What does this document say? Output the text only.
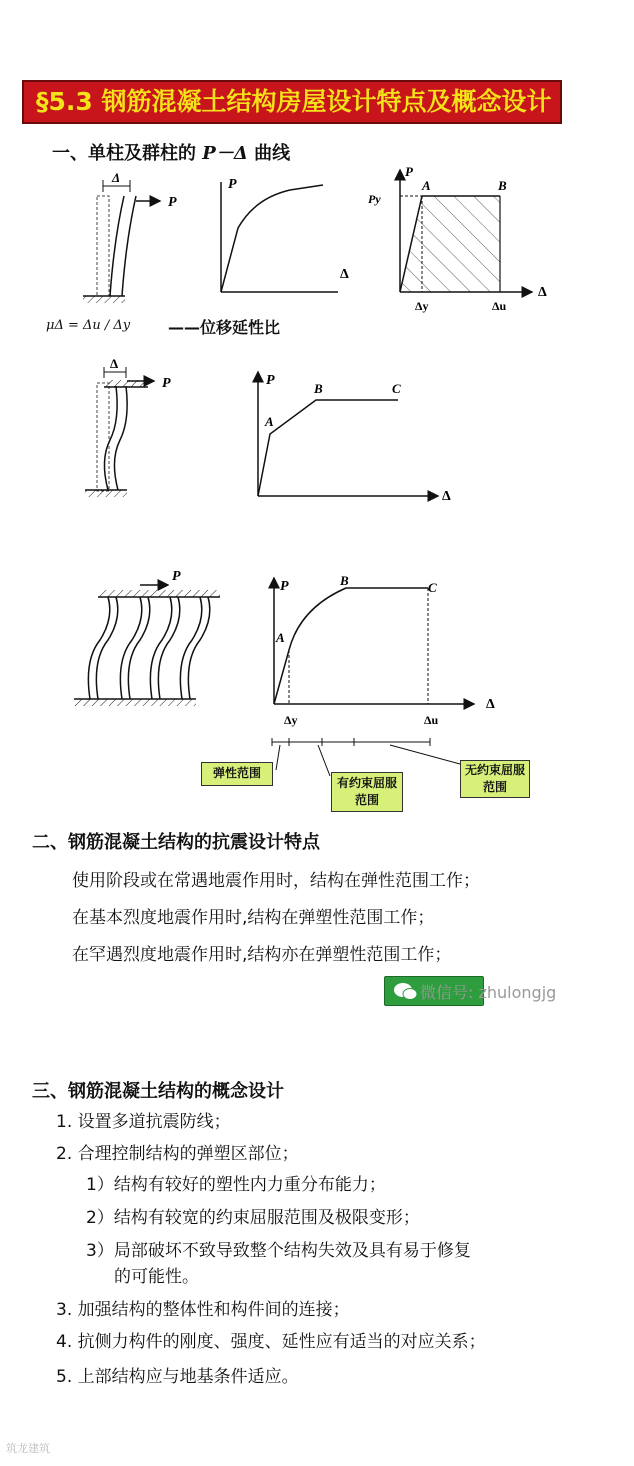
§5.3 钢筋混凝土结构房屋设计特点及概念设计
一、单柱及群柱的 P－Δ 曲线
Δ
P
P
Δ
P
A	B
Py
Δy	Δu
Δ
Δ
P	P
A
B	C
Δ
P
P
A
B	C
Δ
Δy	Δu
μΔ = Δu / Δy ——位移延性比
弹性范围
有约束屈服范围
无约束屈服范围
二、钢筋混凝土结构的抗震设计特点
使用阶段或在常遇地震作用时，结构在弹性范围工作；
在基本烈度地震作用时,结构在弹塑性范围工作；
在罕遇烈度地震作用时,结构亦在弹塑性范围工作；
微信号: zhulongjg
三、钢筋混凝土结构的概念设计
1. 设置多道抗震防线；
2. 合理控制结构的弹塑区部位；
1）结构有较好的塑性内力重分布能力；
2）结构有较宽的约束屈服范围及极限变形；
3）局部破坏不致导致整个结构失效及具有易于修复
的可能性。
3. 加强结构的整体性和构件间的连接；
4. 抗侧力构件的刚度、强度、延性应有适当的对应关系；
5. 上部结构应与地基条件适应。
筑龙建筑
